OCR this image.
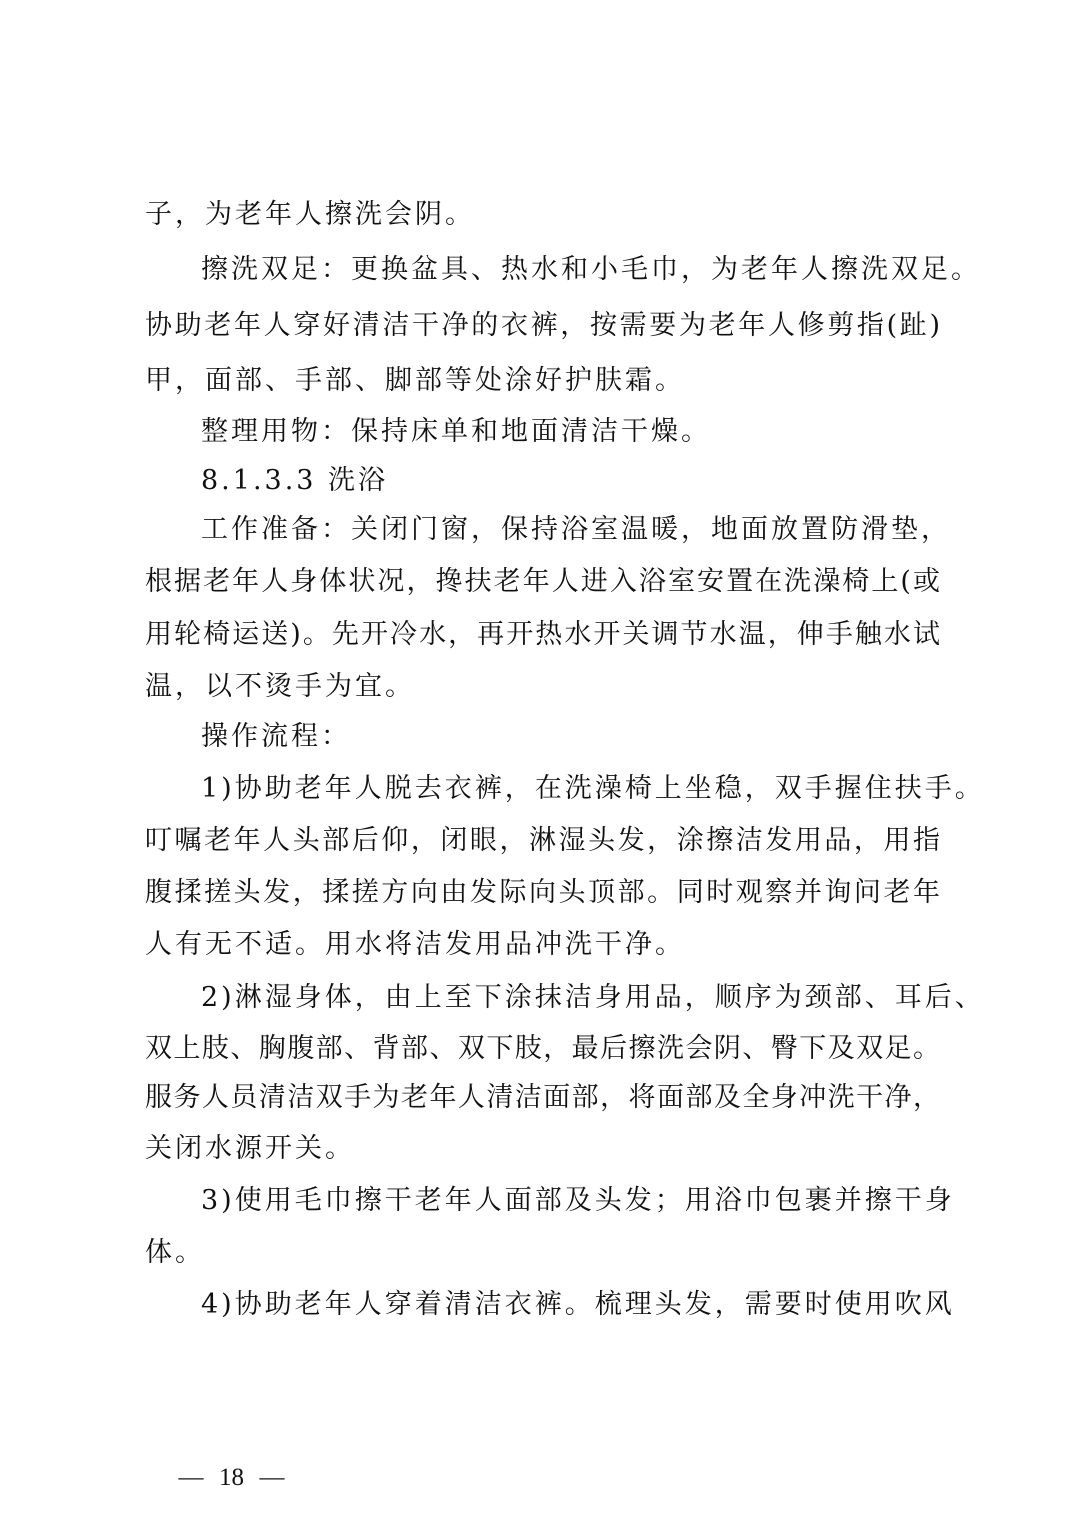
子，为老年人擦洗会阴。
擦洗双足：更换盆具、热水和小毛巾，为老年人擦洗双足。
协助老年人穿好清洁干净的衣裤，按需要为老年人修剪指(趾)
甲，面部、手部、脚部等处涂好护肤霜。
整理用物：保持床单和地面清洁干燥。
8.1.3.3 洗浴
工作准备：关闭门窗，保持浴室温暖，地面放置防滑垫，
根据老年人身体状况，搀扶老年人进入浴室安置在洗澡椅上(或
用轮椅运送)。先开冷水，再开热水开关调节水温，伸手触水试
温，以不烫手为宜。
操作流程：
1)协助老年人脱去衣裤，在洗澡椅上坐稳，双手握住扶手。
叮嘱老年人头部后仰，闭眼，淋湿头发，涂擦洁发用品，用指
腹揉搓头发，揉搓方向由发际向头顶部。同时观察并询问老年
人有无不适。用水将洁发用品冲洗干净。
2)淋湿身体，由上至下涂抹洁身用品，顺序为颈部、耳后、
双上肢、胸腹部、背部、双下肢，最后擦洗会阴、臀下及双足。
服务人员清洁双手为老年人清洁面部，将面部及全身冲洗干净，
关闭水源开关。
3)使用毛巾擦干老年人面部及头发；用浴巾包裹并擦干身
体。
4)协助老年人穿着清洁衣裤。梳理头发，需要时使用吹风
— 18 —
